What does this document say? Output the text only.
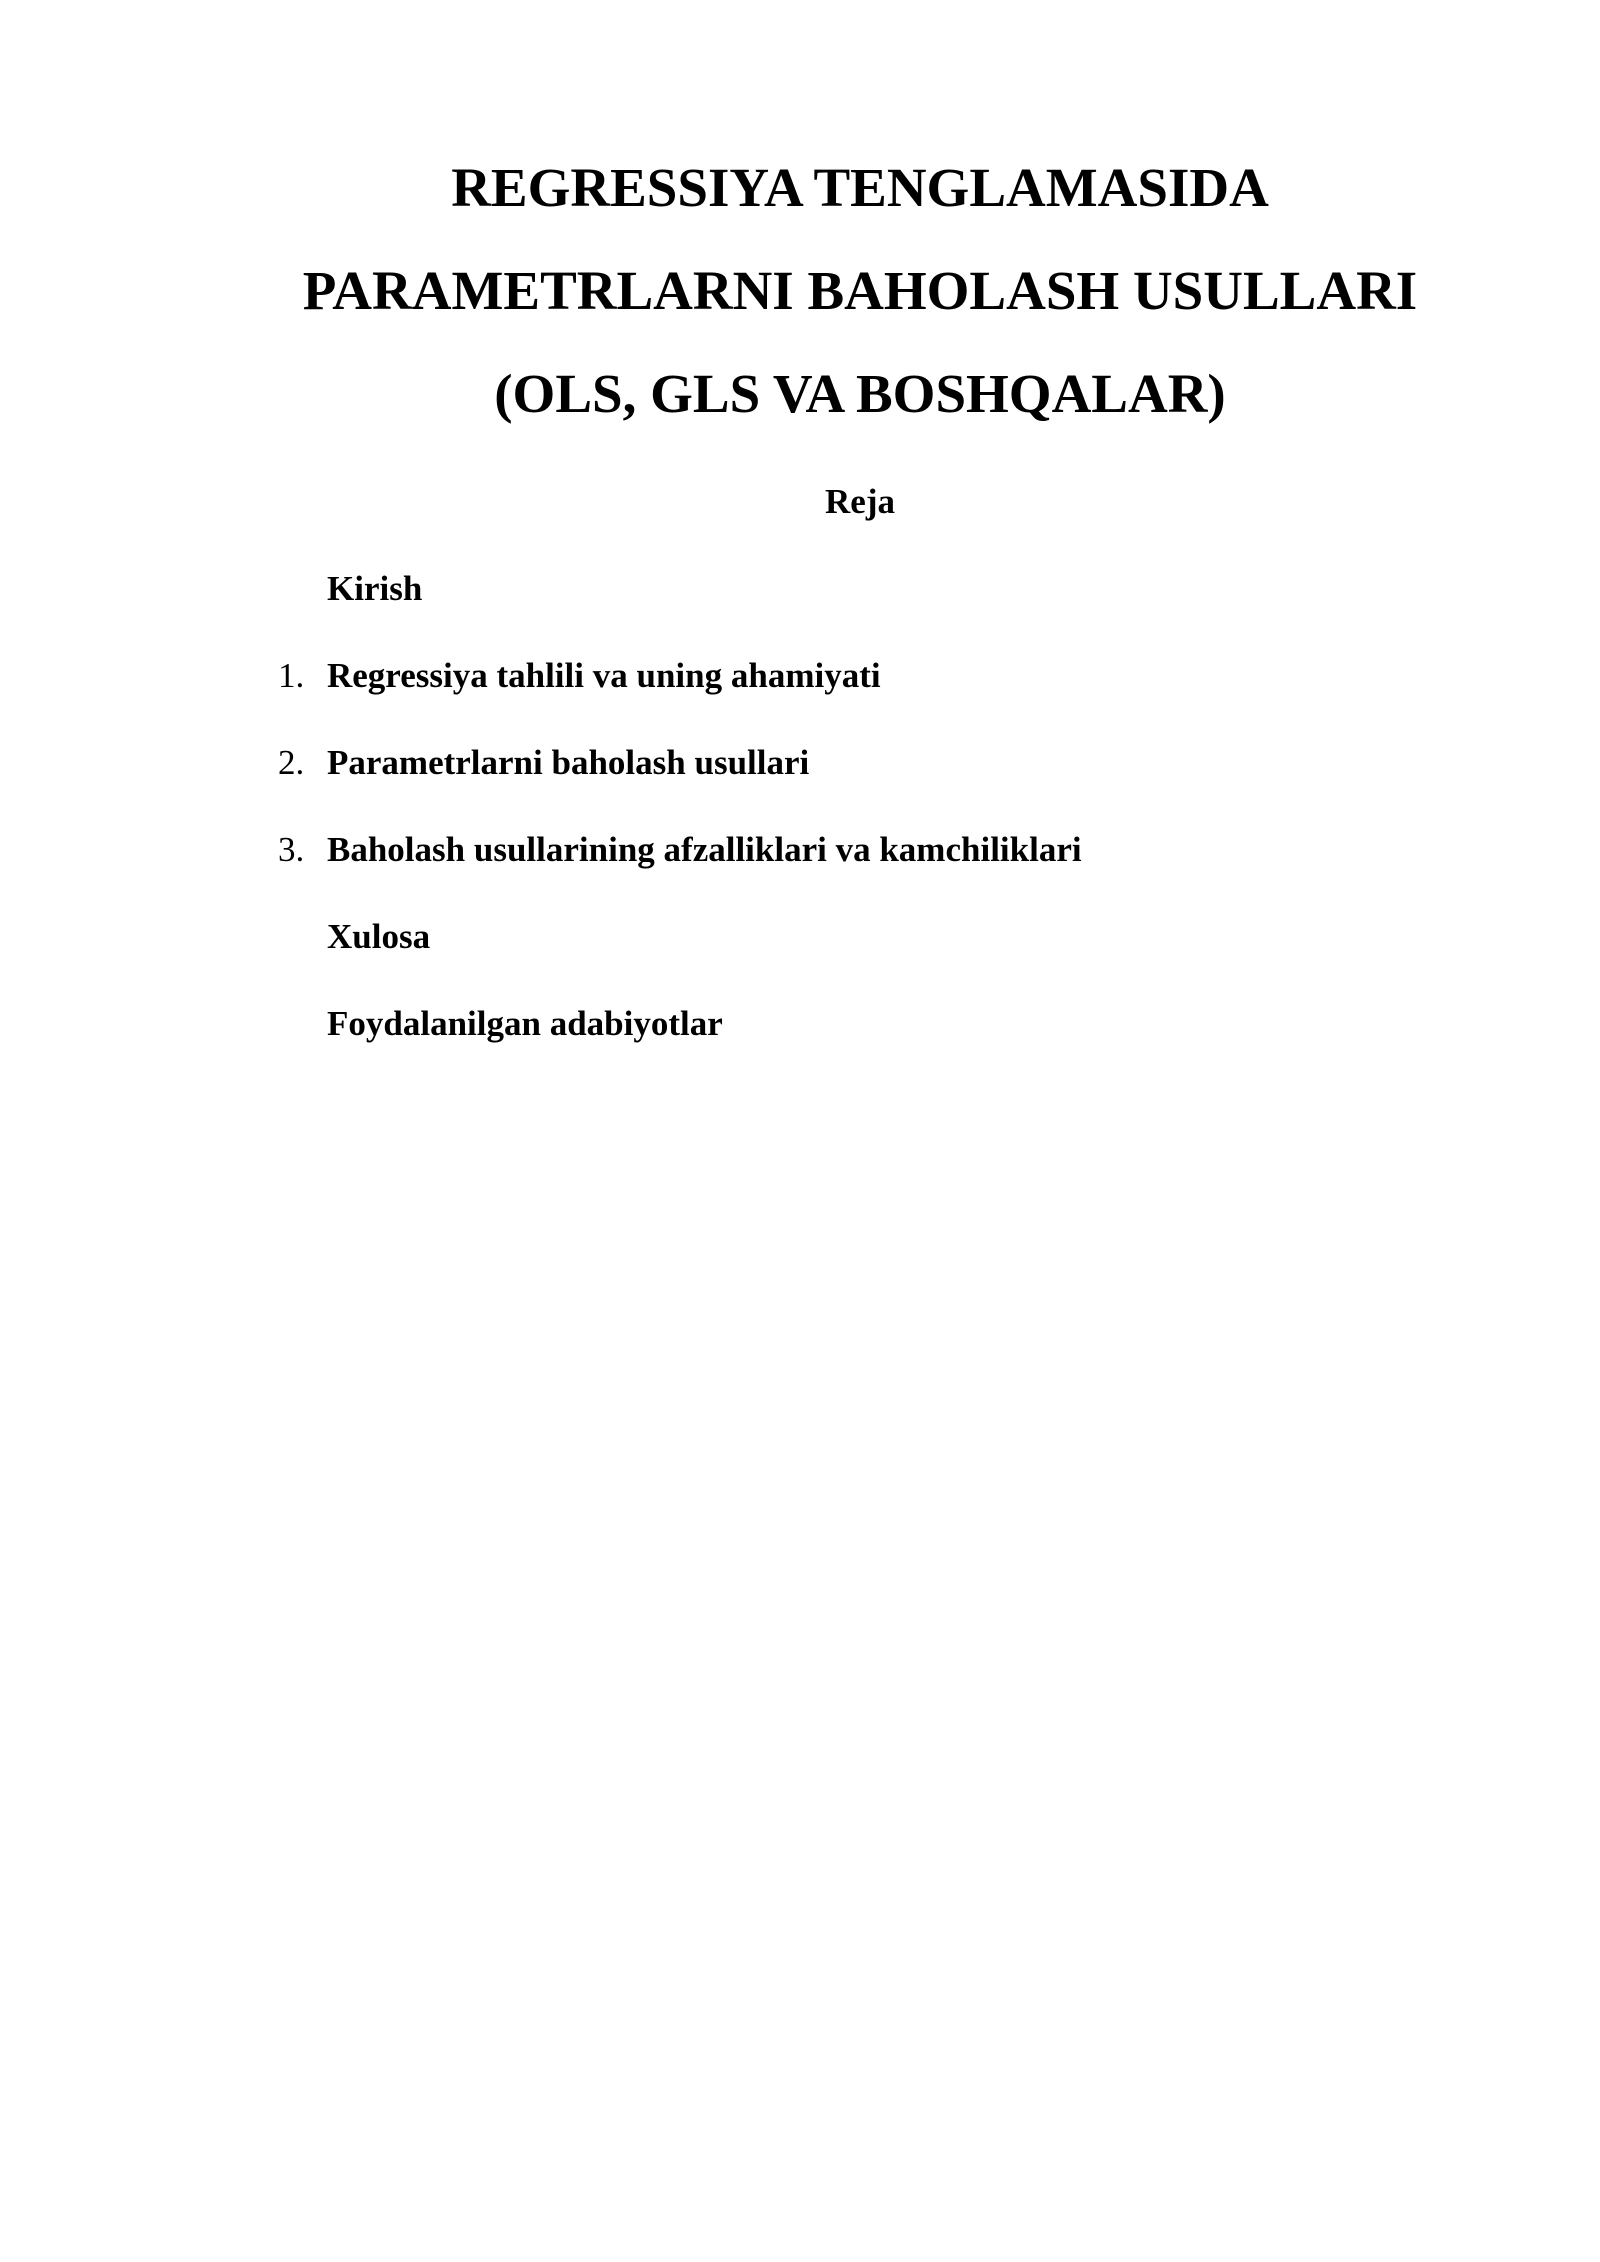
REGRESSIYA TENGLAMASIDA
PARAMETRLARNI BAHOLASH USULLARI
(OLS, GLS VA BOSHQALAR)
Reja
Kirish
1. Regressiya tahlili va uning ahamiyati
2. Parametrlarni baholash usullari
3. Baholash usullarining afzalliklari va kamchiliklari
Xulosa
Foydalanilgan adabiyotlar
